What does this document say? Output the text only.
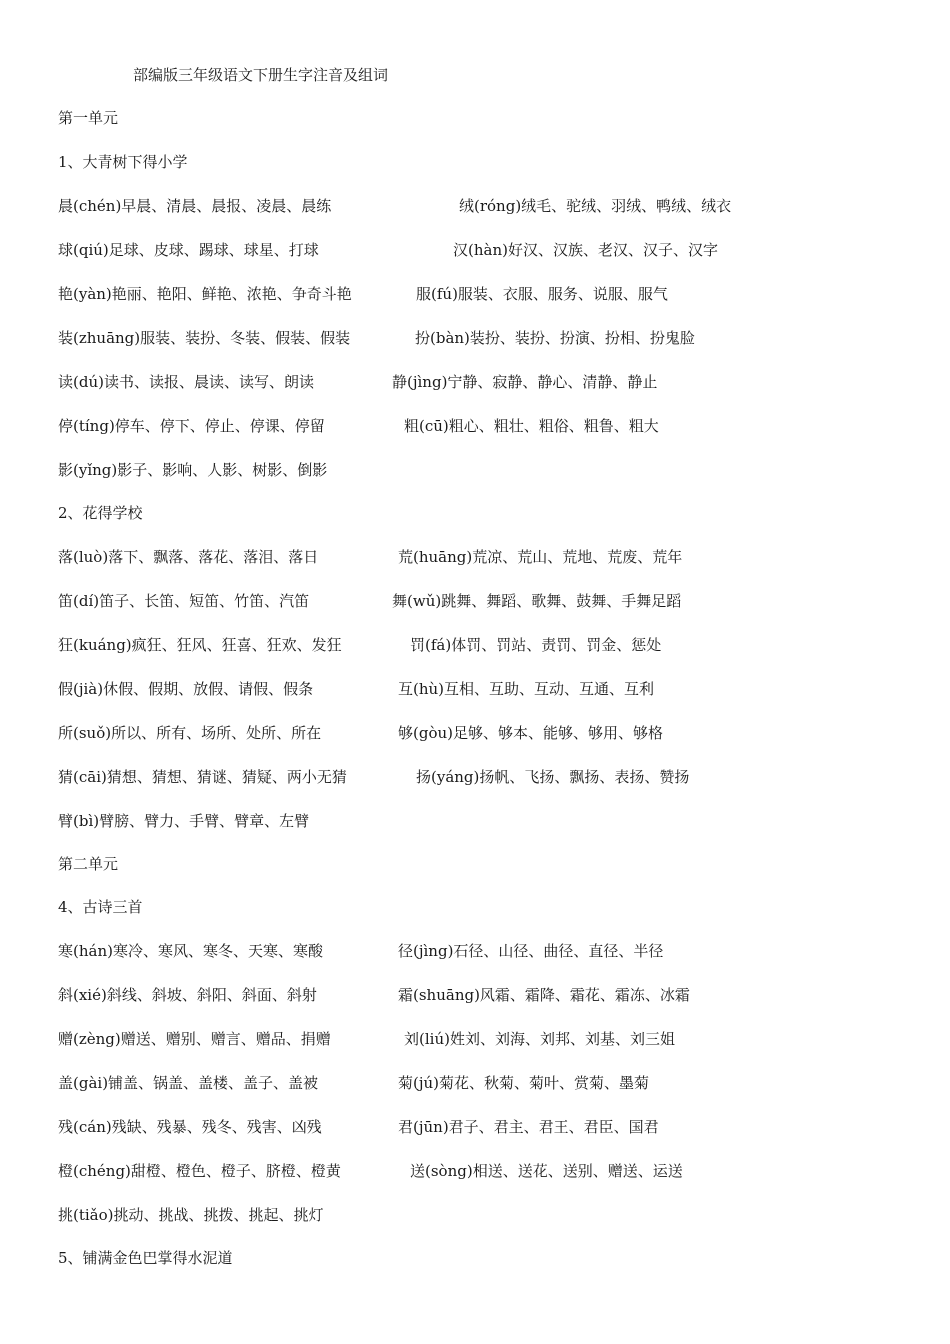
部编版三年级语文下册生字注音及组词
第一单元
1、大青树下得小学
晨(chén)早晨、清晨、晨报、凌晨、晨练	绒(róng)绒毛、驼绒、羽绒、鸭绒、绒衣
球(qiú)足球、皮球、踢球、球星、打球	汉(hàn)好汉、汉族、老汉、汉子、汉字
艳(yàn)艳丽、艳阳、鲜艳、浓艳、争奇斗艳	服(fú)服装、衣服、服务、说服、服气
装(zhuāng)服装、装扮、冬装、假装、假装	扮(bàn)装扮、装扮、扮演、扮相、扮鬼脸
读(dú)读书、读报、晨读、读写、朗读	静(jìng)宁静、寂静、静心、清静、静止
停(tíng)停车、停下、停止、停课、停留	粗(cū)粗心、粗壮、粗俗、粗鲁、粗大
影(yǐng)影子、影响、人影、树影、倒影
2、花得学校
落(luò)落下、飘落、落花、落泪、落日	荒(huāng)荒凉、荒山、荒地、荒废、荒年
笛(dí)笛子、长笛、短笛、竹笛、汽笛	舞(wǔ)跳舞、舞蹈、歌舞、鼓舞、手舞足蹈
狂(kuáng)疯狂、狂风、狂喜、狂欢、发狂	罚(fá)体罚、罚站、责罚、罚金、惩处
假(jià)休假、假期、放假、请假、假条	互(hù)互相、互助、互动、互通、互利
所(suǒ)所以、所有、场所、处所、所在	够(gòu)足够、够本、能够、够用、够格
猜(cāi)猜想、猜想、猜谜、猜疑、两小无猜	扬(yáng)扬帆、飞扬、飘扬、表扬、赞扬
臂(bì)臂膀、臂力、手臂、臂章、左臂
第二单元
4、古诗三首
寒(hán)寒冷、寒风、寒冬、天寒、寒酸	径(jìng)石径、山径、曲径、直径、半径
斜(xié)斜线、斜坡、斜阳、斜面、斜射	霜(shuāng)风霜、霜降、霜花、霜冻、冰霜
赠(zèng)赠送、赠别、赠言、赠品、捐赠	刘(liú)姓刘、刘海、刘邦、刘基、刘三姐
盖(gài)铺盖、锅盖、盖楼、盖子、盖被	菊(jú)菊花、秋菊、菊叶、赏菊、墨菊
残(cán)残缺、残暴、残冬、残害、凶残	君(jūn)君子、君主、君王、君臣、国君
橙(chéng)甜橙、橙色、橙子、脐橙、橙黄	送(sòng)相送、送花、送别、赠送、运送
挑(tiǎo)挑动、挑战、挑拨、挑起、挑灯
5、铺满金色巴掌得水泥道
